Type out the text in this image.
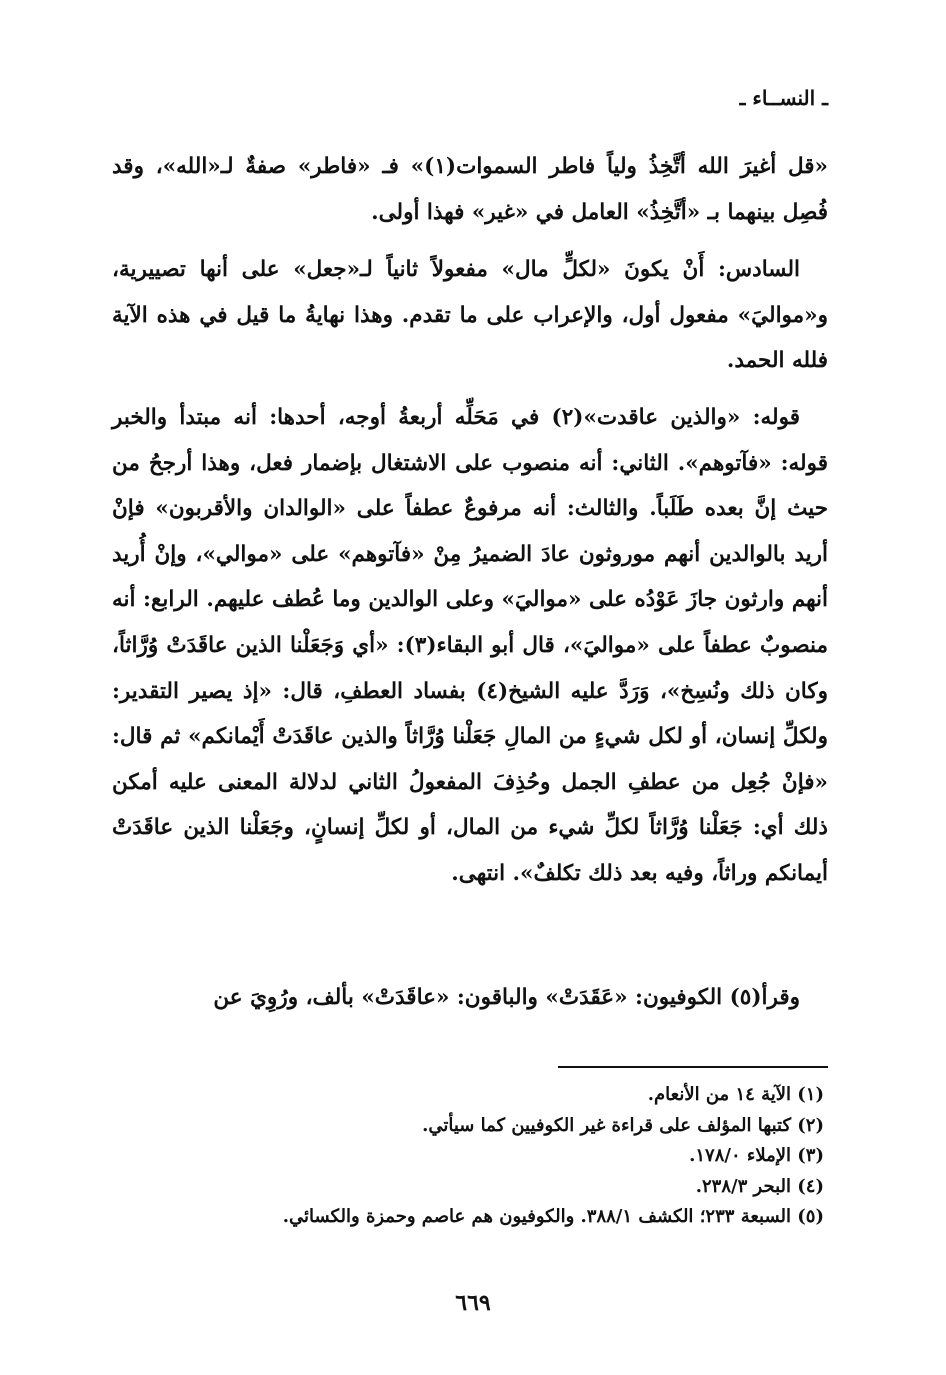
ـ النســاء ـ

«قل أغيرَ الله أتَّخِذُ ولياً فاطر السموات(١)» فـ «فاطر» صفةٌ لـ«الله»، وقد فُصِل بينهما بـ «أتَّخِذُ» العامل في «غير» فهذا أولى.

السادس: أَنْ يكونَ «لكلٍّ مال» مفعولاً ثانياً لـ«جعل» على أنها تصييرية، و«مواليَ» مفعول أول، والإعراب على ما تقدم. وهذا نهايةُ ما قيل في هذه الآية فلله الحمد.

قوله: «والذين عاقدت»(٢) في مَحَلِّه أربعةُ أوجه، أحدها: أنه مبتدأ والخبر قوله: «فآتوهم». الثاني: أنه منصوب على الاشتغال بإضمار فعل، وهذا أرجحُ من حيث إنَّ بعده طَلَباً. والثالث: أنه مرفوعٌ عطفاً على «الوالدان والأقربون» فإنْ أريد بالوالدين أنهم موروثون عادَ الضميرُ مِنْ «فآتوهم» على «موالي»، وإنْ أُريد أنهم وارثون جازَ عَوْدُه على «مواليَ» وعلى الوالدين وما عُطف عليهم. الرابع: أنه منصوبٌ عطفاً على «مواليَ»، قال أبو البقاء(٣): «أي وَجَعَلْنا الذين عاقَدَتْ وُرَّاثاً، وكان ذلك ونُسِخ»، وَرَدَّ عليه الشيخ(٤) بفساد العطفِ، قال: «إذ يصير التقدير: ولكلِّ إنسان، أو لكل شيءٍ من المالِ جَعَلْنا وُرَّاثاً والذين عاقَدَتْ أَيْمانكم» ثم قال: «فإنْ جُعِل من عطفِ الجمل وحُذِفَ المفعولُ الثاني لدلالة المعنى عليه أمكن ذلك أي: جَعَلْنا وُرَّاثاً لكلِّ شيء من المال، أو لكلِّ إنسانٍ، وجَعَلْنا الذين عاقَدَتْ أيمانكم وراثاً، وفيه بعد ذلك تكلفٌ». انتهى.

وقرأ(٥) الكوفيون: «عَقَدَتْ» والباقون: «عاقَدَتْ» بألف، ورُوِيَ عن

(١) الآية ١٤ من الأنعام.
(٢) كتبها المؤلف على قراءة غير الكوفيين كما سيأتي.
(٣) الإملاء ١٧٨/٠.
(٤) البحر ٢٣٨/٣.
(٥) السبعة ٢٣٣؛ الكشف ٣٨٨/١. والكوفيون هم عاصم وحمزة والكسائي.
٦٦٩
